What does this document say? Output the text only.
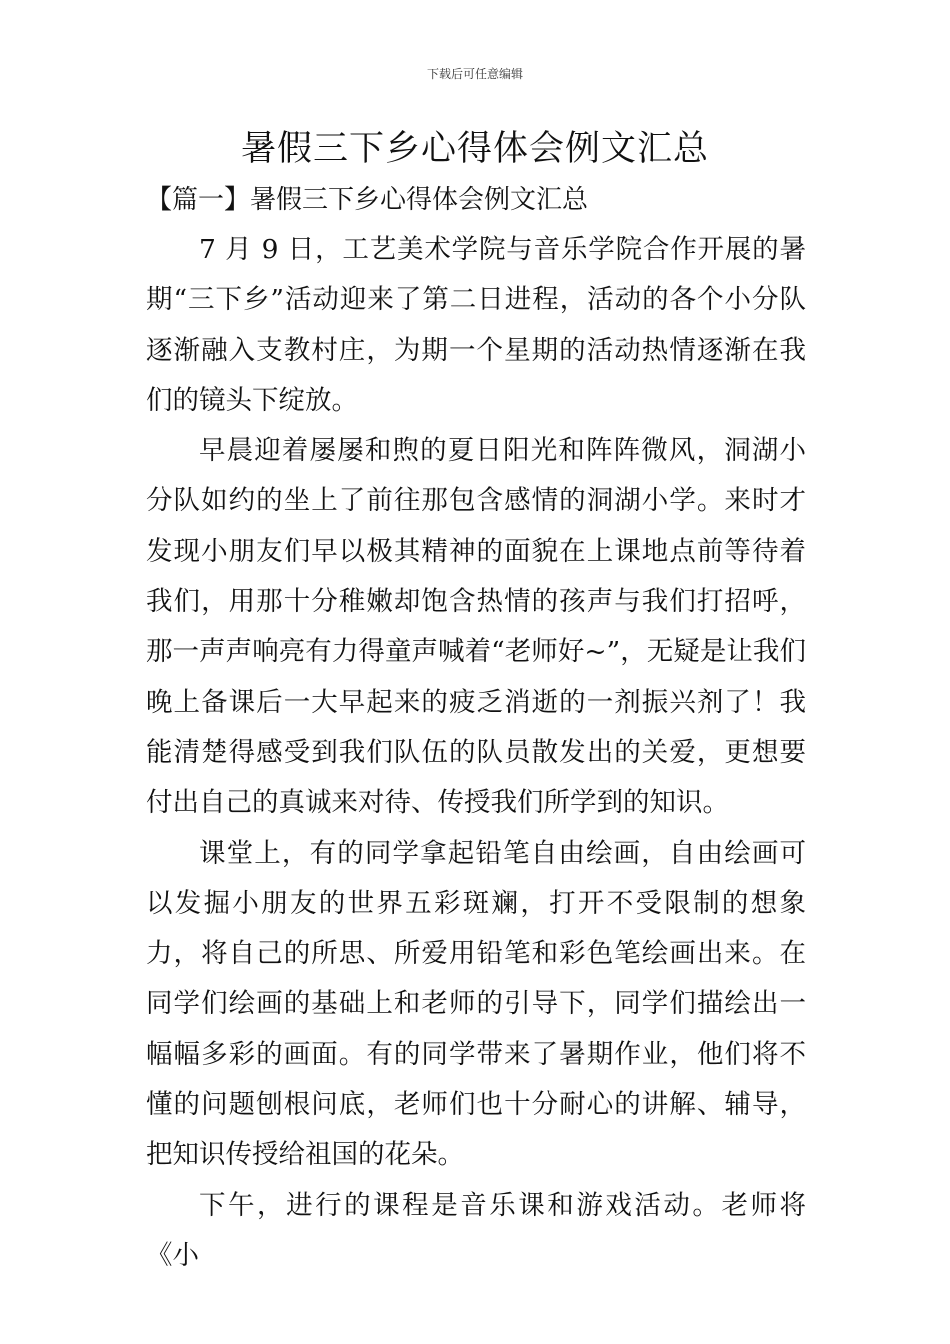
下载后可任意编辑
暑假三下乡心得体会例文汇总
【篇一】暑假三下乡心得体会例文汇总

7 月 9 日，工艺美术学院与音乐学院合作开展的暑期“三下乡”活动迎来了第二日进程，活动的各个小分队逐渐融入支教村庄，为期一个星期的活动热情逐渐在我们的镜头下绽放。

早晨迎着屡屡和煦的夏日阳光和阵阵微风，洞湖小分队如约的坐上了前往那包含感情的洞湖小学。来时才发现小朋友们早以极其精神的面貌在上课地点前等待着我们，用那十分稚嫩却饱含热情的孩声与我们打招呼，那一声声响亮有力得童声喊着“老师好~”，无疑是让我们晚上备课后一大早起来的疲乏消逝的一剂振兴剂了！我能清楚得感受到我们队伍的队员散发出的关爱，更想要付出自己的真诚来对待、传授我们所学到的知识。

课堂上，有的同学拿起铅笔自由绘画，自由绘画可以发掘小朋友的世界五彩斑斓，打开不受限制的想象力，将自己的所思、所爱用铅笔和彩色笔绘画出来。在同学们绘画的基础上和老师的引导下，同学们描绘出一幅幅多彩的画面。有的同学带来了暑期作业，他们将不懂的问题刨根问底，老师们也十分耐心的讲解、辅导，把知识传授给祖国的花朵。

下午，进行的课程是音乐课和游戏活动。老师将《小
